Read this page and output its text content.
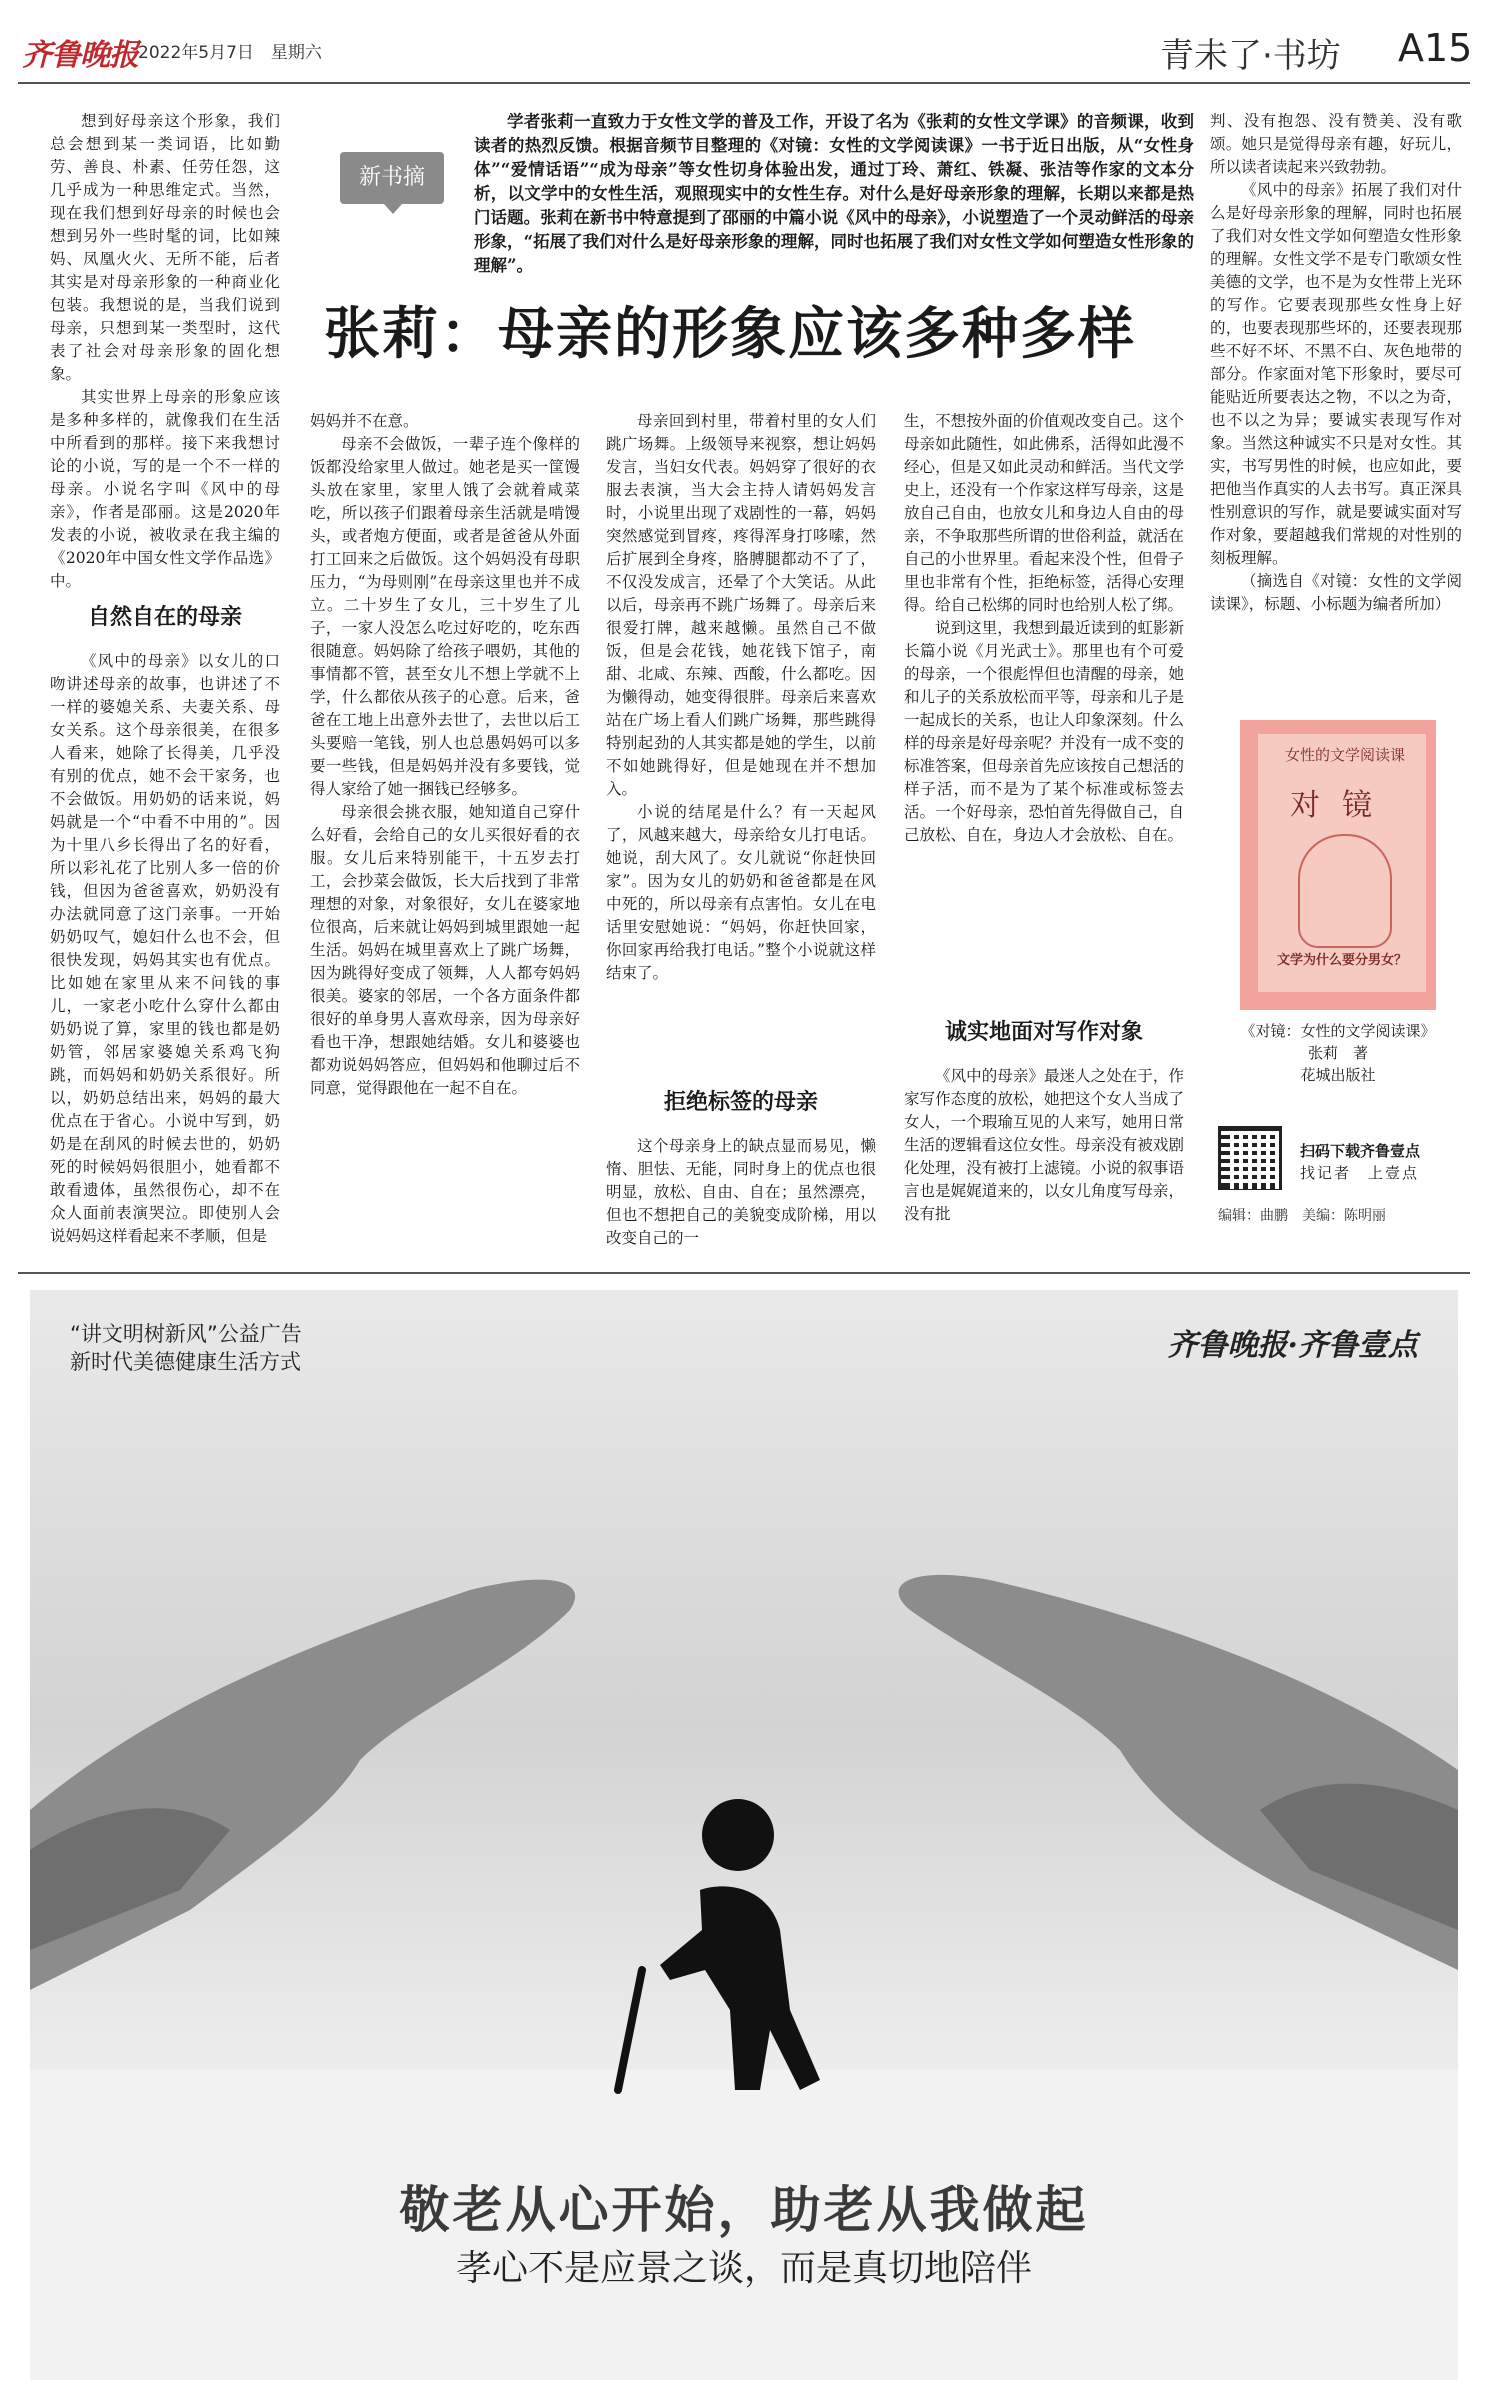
齐鲁晚报 2022年5月7日　星期六	青未了·书坊 A15
新书摘

学者张莉一直致力于女性文学的普及工作，开设了名为《张莉的女性文学课》的音频课，收到读者的热烈反馈。根据音频节目整理的《对镜：女性的文学阅读课》一书于近日出版，从“女性身体”“爱情话语”“成为母亲”等女性切身体验出发，通过丁玲、萧红、铁凝、张洁等作家的文本分析，以文学中的女性生活，观照现实中的女性生存。对什么是好母亲形象的理解，长期以来都是热门话题。张莉在新书中特意提到了邵丽的中篇小说《风中的母亲》，小说塑造了一个灵动鲜活的母亲形象，“拓展了我们对什么是好母亲形象的理解，同时也拓展了我们对女性文学如何塑造女性形象的理解”。

张莉：母亲的形象应该多种多样

想到好母亲这个形象，我们总会想到某一类词语，比如勤劳、善良、朴素、任劳任怨，这几乎成为一种思维定式。当然，现在我们想到好母亲的时候也会想到另外一些时髦的词，比如辣妈、凤凰火火、无所不能，后者其实是对母亲形象的一种商业化包装。我想说的是，当我们说到母亲，只想到某一类型时，这代表了社会对母亲形象的固化想象。

其实世界上母亲的形象应该是多种多样的，就像我们在生活中所看到的那样。接下来我想讨论的小说，写的是一个不一样的母亲。小说名字叫《风中的母亲》，作者是邵丽。这是2020年发表的小说，被收录在我主编的《2020年中国女性文学作品选》中。

自然自在的母亲

《风中的母亲》以女儿的口吻讲述母亲的故事，也讲述了不一样的婆媳关系、夫妻关系、母女关系。这个母亲很美，在很多人看来，她除了长得美，几乎没有别的优点，她不会干家务，也不会做饭。用奶奶的话来说，妈妈就是一个“中看不中用的”。因为十里八乡长得出了名的好看，所以彩礼花了比别人多一倍的价钱，但因为爸爸喜欢，奶奶没有办法就同意了这门亲事。一开始奶奶叹气，媳妇什么也不会，但很快发现，妈妈其实也有优点。比如她在家里从来不问钱的事儿，一家老小吃什么穿什么都由奶奶说了算，家里的钱也都是奶奶管，邻居家婆媳关系鸡飞狗跳，而妈妈和奶奶关系很好。所以，奶奶总结出来，妈妈的最大优点在于省心。小说中写到，奶奶是在刮风的时候去世的，奶奶死的时候妈妈很胆小，她看都不敢看遗体，虽然很伤心，却不在众人面前表演哭泣。即使别人会说妈妈这样看起来不孝顺，但是

妈妈并不在意。

母亲不会做饭，一辈子连个像样的饭都没给家里人做过。她老是买一筐馒头放在家里，家里人饿了会就着咸菜吃，所以孩子们跟着母亲生活就是啃馒头，或者炮方便面，或者是爸爸从外面打工回来之后做饭。这个妈妈没有母职压力，“为母则刚”在母亲这里也并不成立。二十岁生了女儿，三十岁生了儿子，一家人没怎么吃过好吃的，吃东西很随意。妈妈除了给孩子喂奶，其他的事情都不管，甚至女儿不想上学就不上学，什么都依从孩子的心意。后来，爸爸在工地上出意外去世了，去世以后工头要赔一笔钱，别人也总愚妈妈可以多要一些钱，但是妈妈并没有多要钱，觉得人家给了她一捆钱已经够多。

母亲很会挑衣服，她知道自己穿什么好看，会给自己的女儿买很好看的衣服。女儿后来特别能干，十五岁去打工，会抄菜会做饭，长大后找到了非常理想的对象，对象很好，女儿在婆家地位很高，后来就让妈妈到城里跟她一起生活。妈妈在城里喜欢上了跳广场舞，因为跳得好变成了领舞，人人都夸妈妈很美。婆家的邻居，一个各方面条件都很好的单身男人喜欢母亲，因为母亲好看也干净，想跟她结婚。女儿和婆婆也都劝说妈妈答应，但妈妈和他聊过后不同意，觉得跟他在一起不自在。

母亲回到村里，带着村里的女人们跳广场舞。上级领导来视察，想让妈妈发言，当妇女代表。妈妈穿了很好的衣服去表演，当大会主持人请妈妈发言时，小说里出现了戏剧性的一幕，妈妈突然感觉到冒疼，疼得浑身打哆嗦，然后扩展到全身疼，胳膊腿都动不了了，不仅没发成言，还晕了个大笑话。从此以后，母亲再不跳广场舞了。母亲后来很爱打牌，越来越懒。虽然自己不做饭，但是会花钱，她花钱下馆子，南甜、北咸、东辣、西酸，什么都吃。因为懒得动，她变得很胖。母亲后来喜欢站在广场上看人们跳广场舞，那些跳得特别起劲的人其实都是她的学生，以前不如她跳得好，但是她现在并不想加入。

小说的结尾是什么？有一天起风了，风越来越大，母亲给女儿打电话。她说，刮大风了。女儿就说“你赶快回家”。因为女儿的奶奶和爸爸都是在风中死的，所以母亲有点害怕。女儿在电话里安慰她说：“妈妈，你赶快回家，你回家再给我打电话。”整个小说就这样结束了。

拒绝标签的母亲

这个母亲身上的缺点显而易见，懒惰、胆怯、无能，同时身上的优点也很明显，放松、自由、自在；虽然漂亮，但也不想把自己的美貌变成阶梯，用以改变自己的一

生，不想按外面的价值观改变自己。这个母亲如此随性，如此佛系，活得如此漫不经心，但是又如此灵动和鲜活。当代文学史上，还没有一个作家这样写母亲，这是放自己自由，也放女儿和身边人自由的母亲，不争取那些所谓的世俗利益，就活在自己的小世界里。看起来没个性，但骨子里也非常有个性，拒绝标签，活得心安理得。给自己松绑的同时也给别人松了绑。

说到这里，我想到最近读到的虹影新长篇小说《月光武士》。那里也有个可爱的母亲，一个很彪悍但也清醒的母亲，她和儿子的关系放松而平等，母亲和儿子是一起成长的关系，也让人印象深刻。什么样的母亲是好母亲呢？并没有一成不变的标准答案，但母亲首先应该按自己想活的样子活，而不是为了某个标准或标签去活。一个好母亲，恐怕首先得做自己，自己放松、自在，身边人才会放松、自在。

诚实地面对写作对象

《风中的母亲》最迷人之处在于，作家写作态度的放松，她把这个女人当成了女人，一个瑕瑜互见的人来写，她用日常生活的逻辑看这位女性。母亲没有被戏剧化处理，没有被打上滤镜。小说的叙事语言也是娓娓道来的，以女儿角度写母亲，没有批

判、没有抱怨、没有赞美、没有歌颂。她只是觉得母亲有趣，好玩儿，所以读者读起来兴致勃勃。

《风中的母亲》拓展了我们对什么是好母亲形象的理解，同时也拓展了我们对女性文学如何塑造女性形象的理解。女性文学不是专门歌颂女性美德的文学，也不是为女性带上光环的写作。它要表现那些女性身上好的，也要表现那些坏的，还要表现那些不好不坏、不黑不白、灰色地带的部分。作家面对笔下形象时，要尽可能贴近所要表达之物，不以之为奇，也不以之为异；要诚实表现写作对象。当然这种诚实不只是对女性。其实，书写男性的时候，也应如此，要把他当作真实的人去书写。真正深具性别意识的写作，就是要诚实面对写作对象，要超越我们常规的对性别的刻板理解。

（摘选自《对镜：女性的文学阅读课》，标题、小标题为编者所加）

女性的文学阅读课
对镜
文学为什么要分男女？
《对镜：女性的文学阅读课》
张莉　著
花城出版社
扫码下载齐鲁壹点
找记者　上壹点
编辑：曲鹏　美编：陈明丽
“讲文明树新风”公益广告
新时代美德健康生活方式	齐鲁晚报·齐鲁壹点
敬老从心开始，助老从我做起
孝心不是应景之谈，而是真切地陪伴
